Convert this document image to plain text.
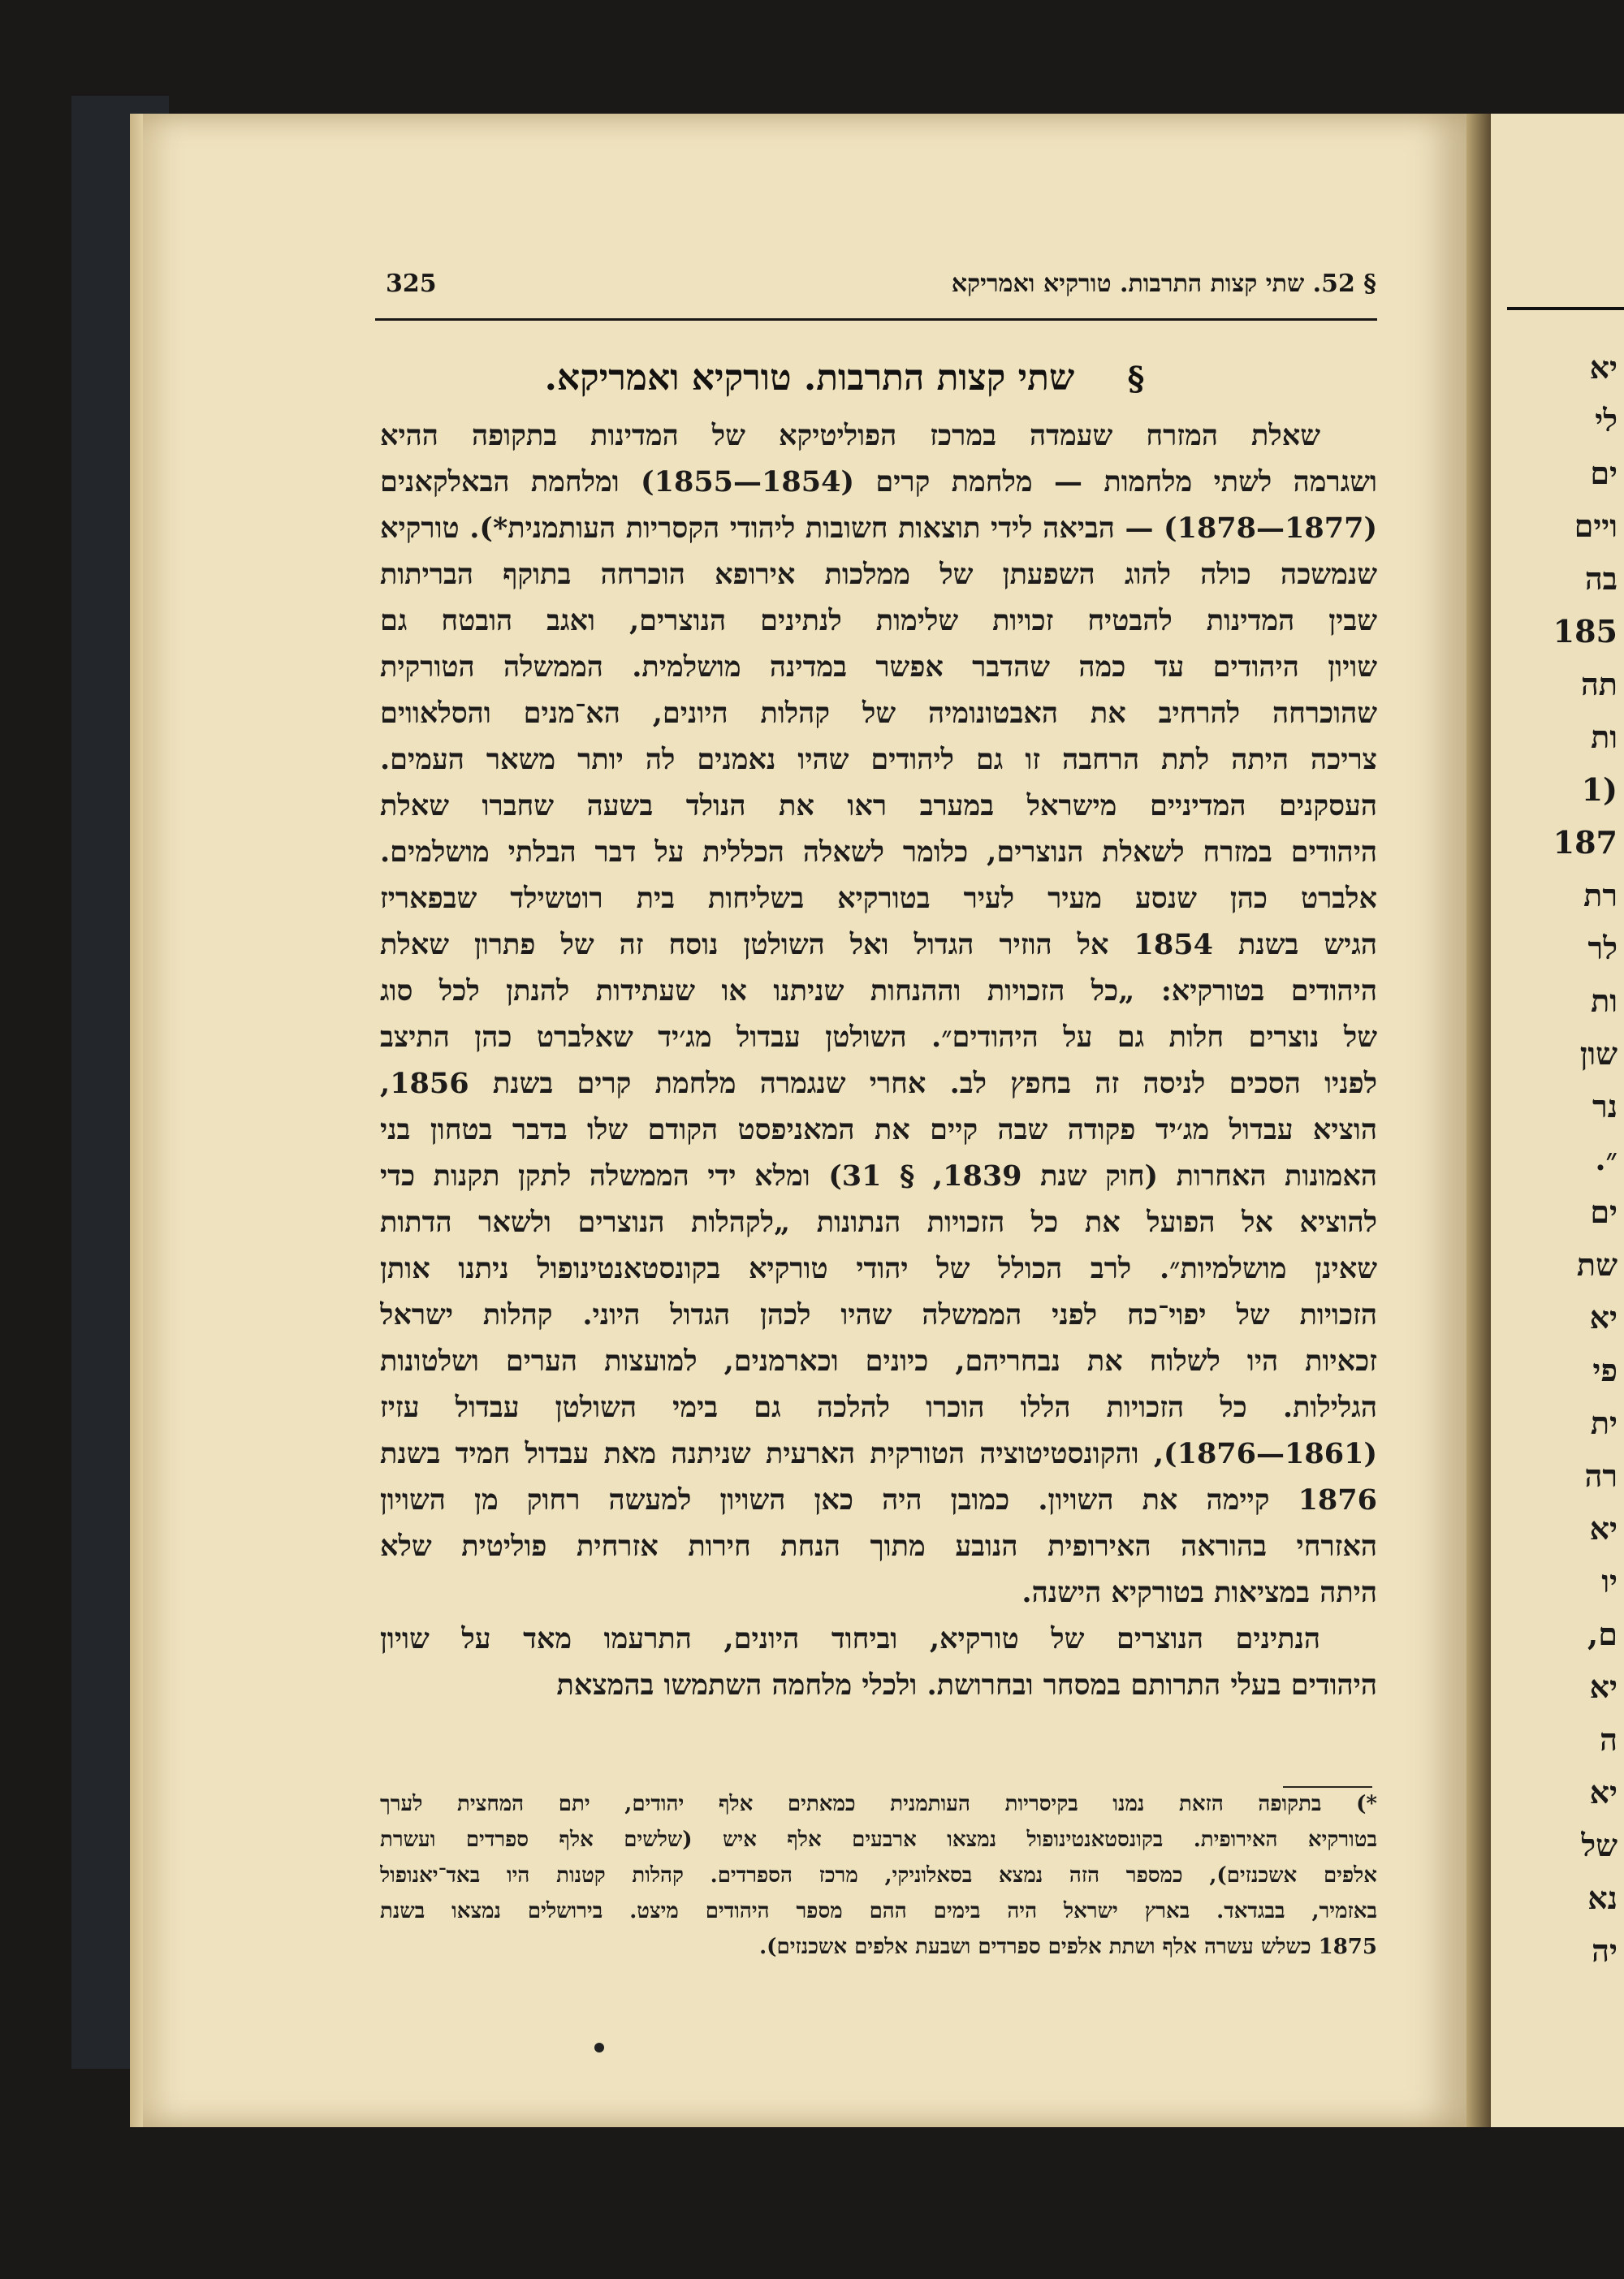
יא
לי
ים
ויים
בה
185
תה
ות
(1
187
רת
לר
ות
שון
נר
״.
ים
שת
יא
פי
ית
רה
יא
יו
ם,
יא
ה
יא
של
נא
יה
325	§ 52. שתי קצות התרבות. טורקיא ואמריקא
§ שתי קצות התרבות. טורקיא ואמריקא.
שאלת המזרח שעמדה במרכז הפוליטיקא של המדינות בתקופה ההיא
ושגרמה לשתי מלחמות — מלחמת קרים (1854—1855) ומלחמת הבאלקאנים
(1877—1878) — הביאה לידי תוצאות חשובות ליהודי הקסריות העותמנית*). טורקיא
שנמשכה כולה להוג השפעתן של ממלכות אירופא הוכרחה בתוקף הבריתות
שבין המדינות להבטיח זכויות שלימות לנתינים הנוצרים, ואגב הובטח גם
שויון היהודים עד כמה שהדבר אפשר במדינה מושלמית. הממשלה הטורקית
שהוכרחה להרחיב את האבטונומיה של קהלות היונים, הא־מנים והסלאווים
צריכה היתה לתת הרחבה זו גם ליהודים שהיו נאמנים לה יותר משאר העמים.
העסקנים המדיניים מישראל במערב ראו את הנולד בשעה שחברו שאלת
היהודים במזרח לשאלת הנוצרים, כלומר לשאלה הכללית על דבר הבלתי מושלמים.
אלברט כהן שנסע מעיר לעיר בטורקיא בשליחות בית רוטשילד שבפאריז
הגיש בשנת 1854 אל הוזיר הגדול ואל השולטן נוסח זה של פתרון שאלת
היהודים בטורקיא: „כל הזכויות וההנחות שניתנו או שעתידות להנתן לכל סוג
של נוצרים חלות גם על היהודים״. השולטן עבדול מג׳יד שאלברט כהן התיצב
לפניו הסכים לניסה זה בחפץ לב. אחרי שנגמרה מלחמת קרים בשנת 1856,
הוציא עבדול מג׳יד פקודה שבה קיים את המאניפסט הקודם שלו בדבר בטחון בני
האמונות האחרות (חוק שנת 1839, § 31) ומלא ידי הממשלה לתקן תקנות כדי
להוציא אל הפועל את כל הזכויות הנתונות „לקהלות הנוצרים ולשאר הדתות
שאינן מושלמיות״. לרב הכולל של יהודי טורקיא בקונסטאנטינופול ניתנו אותן
הזכויות של יפוי־כח לפני הממשלה שהיו לכהן הגדול היוני. קהלות ישראל
זכאיות היו לשלוח את נבחריהם, כיונים וכארמנים, למועצות הערים ושלטונות
הגלילות. כל הזכויות הללו הוכרו להלכה גם בימי השולטן עבדול עזיז
(1861—1876), והקונסטיטוציה הטורקית הארעית שניתנה מאת עבדול חמיד בשנת
1876 קיימה את השויון. כמובן היה כאן השויון למעשה רחוק מן השויון
האזרחי בהוראה האירופית הנובע מתוך הנחת חירות אזרחית פוליטית שלא
היתה במציאות בטורקיא הישנה.
הנתינים הנוצרים של טורקיא, וביחוד היונים, התרעמו מאד על שויון
היהודים בעלי התרותם במסחר ובחרושת. ולכלי מלחמה השתמשו בהמצאת
*) בתקופה הזאת נמנו בקיסריות העותמנית כמאתים אלף יהודים, יתם המחצית לערך
בטורקיא האירופית. בקונסטאנטינופול נמצאו ארבעים אלף איש (שלשים אלף ספרדים ועשרת
אלפים אשכנזים), כמספר הזה נמצא בסאלוניקי, מרכז הספרדים. קהלות קטנות היו באד־יאנופול
באזמיר, בבגדאד. בארץ ישראל היה בימים ההם מספר היהודים מיצט. בירושלים נמצאו בשנת
1875 כשלש עשרה אלף ושתת אלפים ספרדים ושבעת אלפים אשכנזים).
